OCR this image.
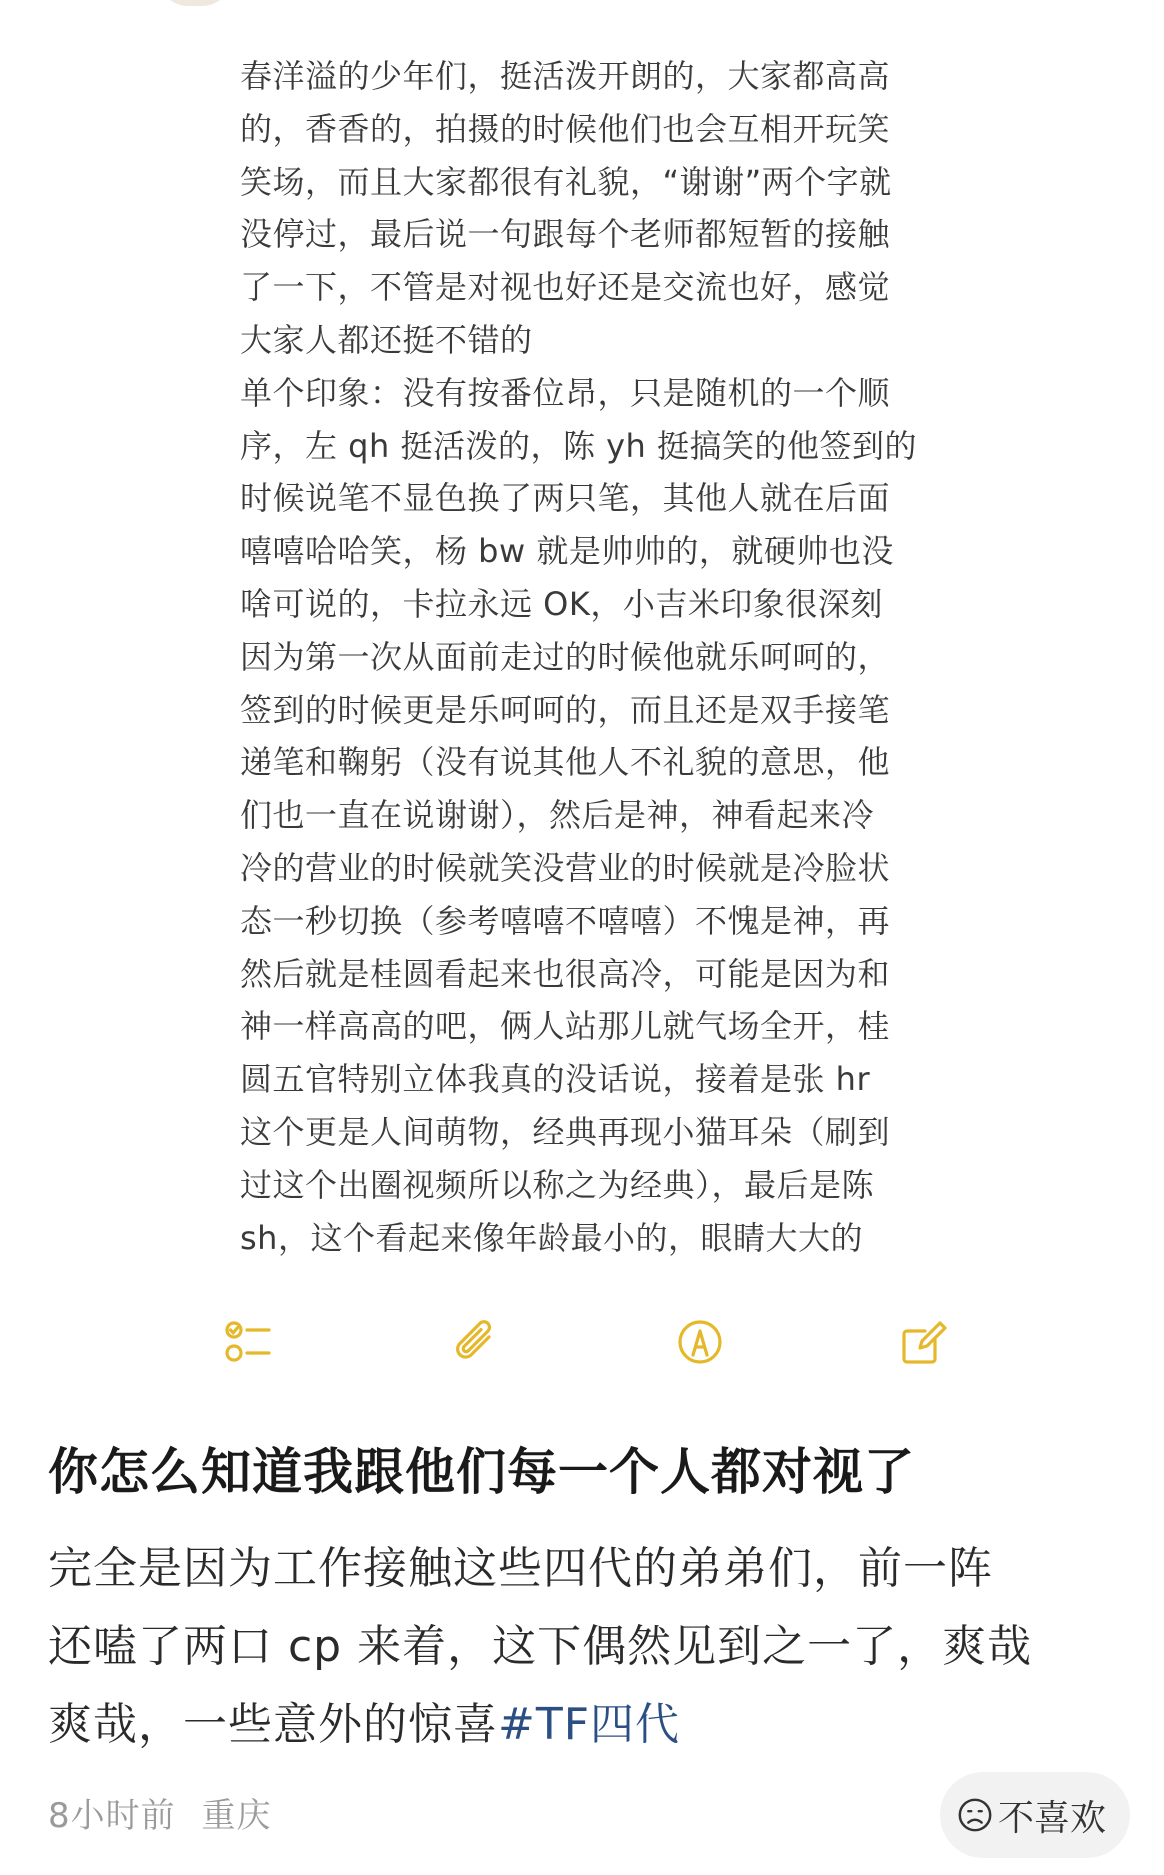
春洋溢的少年们，挺活泼开朗的，大家都高高
的，香香的，拍摄的时候他们也会互相开玩笑
笑场，而且大家都很有礼貌，“谢谢”两个字就
没停过，最后说一句跟每个老师都短暂的接触
了一下，不管是对视也好还是交流也好，感觉
大家人都还挺不错的
单个印象：没有按番位昂，只是随机的一个顺
序，左 qh 挺活泼的，陈 yh 挺搞笑的他签到的
时候说笔不显色换了两只笔，其他人就在后面
嘻嘻哈哈笑，杨 bw 就是帅帅的，就硬帅也没
啥可说的，卡拉永远 OK，小吉米印象很深刻
因为第一次从面前走过的时候他就乐呵呵的，
签到的时候更是乐呵呵的，而且还是双手接笔
递笔和鞠躬（没有说其他人不礼貌的意思，他
们也一直在说谢谢），然后是神，神看起来冷
冷的营业的时候就笑没营业的时候就是冷脸状
态一秒切换（参考嘻嘻不嘻嘻）不愧是神，再
然后就是桂圆看起来也很高冷，可能是因为和
神一样高高的吧，俩人站那儿就气场全开，桂
圆五官特别立体我真的没话说，接着是张 hr
这个更是人间萌物，经典再现小猫耳朵（刷到
过这个出圈视频所以称之为经典），最后是陈
sh，这个看起来像年龄最小的，眼睛大大的
你怎么知道我跟他们每一个人都对视了
完全是因为工作接触这些四代的弟弟们，前一阵
还嗑了两口 cp 来着，这下偶然见到之一了，爽哉
爽哉，一些意外的惊喜#TF四代
8小时前 重庆	不喜欢
